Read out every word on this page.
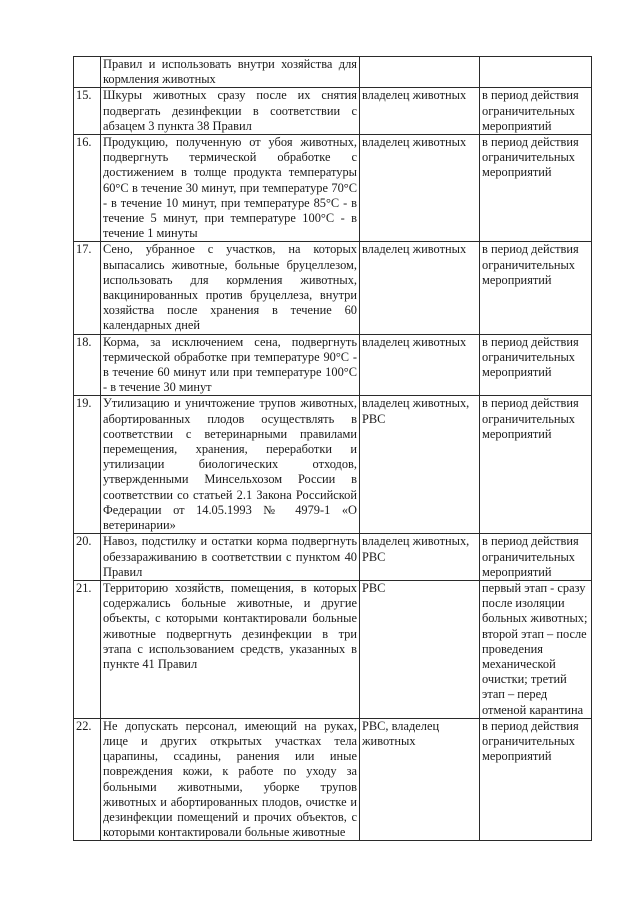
	Правил и использовать внутри хозяйства для кормления животных		
15.	Шкуры животных сразу после их снятия подвергать дезинфекции в соответствии с абзацем 3 пункта 38 Правил	владелец животных	в период действия ограничительных мероприятий
16.	Продукцию, полученную от убоя животных, подвергнуть термической обработке с достижением в толще продукта температуры 60°С в течение 30 минут, при температуре 70°С - в течение 10 минут, при температуре 85°С - в течение 5 минут, при температуре 100°С - в течение 1 минуты	владелец животных	в период действия ограничительных мероприятий
17.	Сено, убранное с участков, на которых выпасались животные, больные бруцеллезом, использовать для кормления животных, вакцинированных против бруцеллеза, внутри хозяйства после хранения в течение 60 календарных дней	владелец животных	в период действия ограничительных мероприятий
18.	Корма, за исключением сена, подвергнуть термической обработке при температуре 90°С - в течение 60 минут или при температуре 100°С - в течение 30 минут	владелец животных	в период действия ограничительных мероприятий
19.	Утилизацию и уничтожение трупов животных, абортированных плодов осуществлять в соответствии с ветеринарными правилами перемещения, хранения, переработки и утилизации биологических отходов, утвержденными Минсельхозом России в соответствии со статьей 2.1 Закона Российской Федерации от 14.05.1993 № 4979-1 «О ветеринарии»	владелец животных, РВС	в период действия ограничительных мероприятий
20.	Навоз, подстилку и остатки корма подвергнуть обеззараживанию в соответствии с пунктом 40 Правил	владелец животных, РВС	в период действия ограничительных мероприятий
21.	Территорию хозяйств, помещения, в которых содержались больные животные, и другие объекты, с которыми контактировали больные животные подвергнуть дезинфекции в три этапа с использованием средств, указанных в пункте 41 Правил	РВС	первый этап - сразу после изоляции больных животных; второй этап – после проведения механической очистки; третий этап – перед отменой карантина
22.	Не допускать персонал, имеющий на руках, лице и других открытых участках тела царапины, ссадины, ранения или иные повреждения кожи, к работе по уходу за больными животными, уборке трупов животных и абортированных плодов, очистке и дезинфекции помещений и прочих объектов, с которыми контактировали больные животные	РВС, владелец животных	в период действия ограничительных мероприятий
